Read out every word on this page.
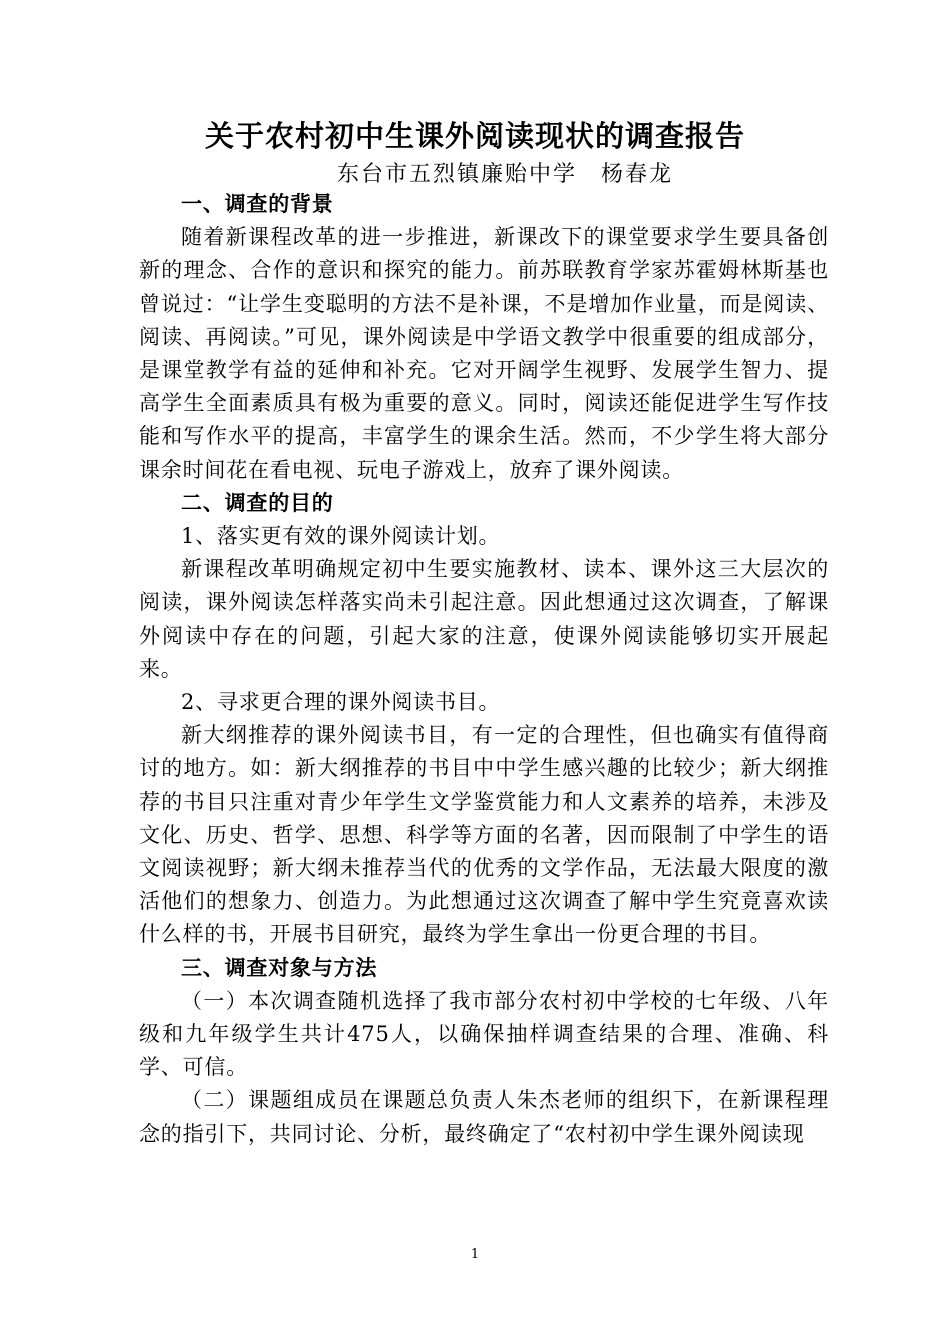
关于农村初中生课外阅读现状的调查报告
东台市五烈镇廉贻中学　杨春龙

一、调查的背景

随着新课程改革的进一步推进，新课改下的课堂要求学生要具备创新的理念、合作的意识和探究的能力。前苏联教育学家苏霍姆林斯基也曾说过：“让学生变聪明的方法不是补课，不是增加作业量，而是阅读、阅读、再阅读。”可见，课外阅读是中学语文教学中很重要的组成部分，是课堂教学有益的延伸和补充。它对开阔学生视野、发展学生智力、提高学生全面素质具有极为重要的意义。同时，阅读还能促进学生写作技能和写作水平的提高，丰富学生的课余生活。然而，不少学生将大部分课余时间花在看电视、玩电子游戏上，放弃了课外阅读。

二、调查的目的

1、落实更有效的课外阅读计划。

新课程改革明确规定初中生要实施教材、读本、课外这三大层次的阅读，课外阅读怎样落实尚未引起注意。因此想通过这次调查，了解课外阅读中存在的问题，引起大家的注意，使课外阅读能够切实开展起来。

2、寻求更合理的课外阅读书目。

新大纲推荐的课外阅读书目，有一定的合理性，但也确实有值得商讨的地方。如：新大纲推荐的书目中中学生感兴趣的比较少；新大纲推荐的书目只注重对青少年学生文学鉴赏能力和人文素养的培养，未涉及文化、历史、哲学、思想、科学等方面的名著，因而限制了中学生的语文阅读视野；新大纲未推荐当代的优秀的文学作品，无法最大限度的激活他们的想象力、创造力。为此想通过这次调查了解中学生究竟喜欢读什么样的书，开展书目研究，最终为学生拿出一份更合理的书目。

三、调查对象与方法

（一）本次调查随机选择了我市部分农村初中学校的七年级、八年级和九年级学生共计475人，以确保抽样调查结果的合理、准确、科学、可信。

（二）课题组成员在课题总负责人朱杰老师的组织下，在新课程理念的指引下，共同讨论、分析，最终确定了“农村初中学生课外阅读现

1
